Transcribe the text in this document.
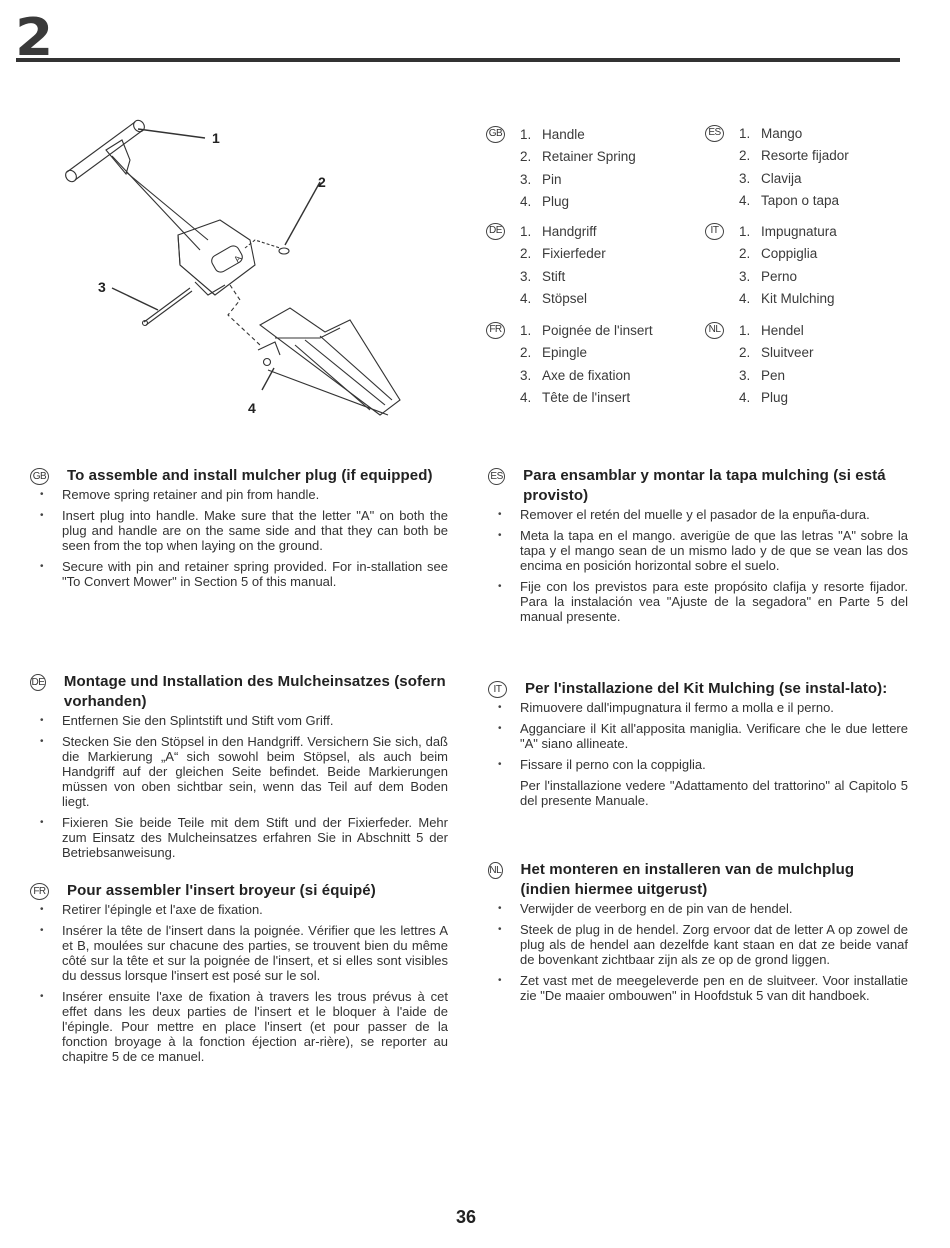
2
A
1
2
3
4
GB 1. Handle
2. Retainer Spring
3. Pin
4. Plug
ES 1. Mango
2. Resorte fijador
3. Clavija
4. Tapon o tapa
DE 1. Handgriff
2. Fixierfeder
3. Stift
4. Stöpsel
IT	1. Impugnatura
2. Coppiglia
3. Perno
4. Kit Mulching
FR 1. Poignée de l'insert
2. Epingle
3. Axe de fixation
4. Tête de l'insert
NL 1. Hendel
2. Sluitveer
3. Pen
4. Plug
GB To assemble and install mulcher plug (if equipped)
• Remove spring retainer and pin from handle.
• Insert plug into handle. Make sure that the letter "A" on both the plug and handle are on the same side and that they can both be seen from the top when laying on the ground.
• Secure with pin and retainer spring provided. For in-stallation see "To Convert Mower" in Section 5 of this manual.
DE Montage und Installation des Mulcheinsatzes (sofern vorhanden)
• Entfernen Sie den Splintstift und Stift vom Griff.
• Stecken Sie den Stöpsel in den Handgriff. Versichern Sie sich, daß die Markierung „A“ sich sowohl beim Stöpsel, als auch beim Handgriff auf der gleichen Seite befindet. Beide Markierungen müssen von oben sichtbar sein, wenn das Teil auf dem Boden liegt.
• Fixieren Sie beide Teile mit dem Stift und der Fixierfeder. Mehr zum Einsatz des Mulcheinsatzes erfahren Sie in Abschnitt 5 der Betriebsanweisung.
FR Pour assembler l'insert broyeur (si équipé)
• Retirer l'épingle et l'axe de fixation.
• Insérer la tête de l'insert dans la poignée. Vérifier que les lettres A et B, moulées sur chacune des parties, se trouvent bien du même côté sur la tête et sur la poignée de l'insert, et si elles sont visibles du dessus lorsque l'insert est posé sur le sol.
• Insérer ensuite l'axe de fixation à travers les trous prévus à cet effet dans les deux parties de l'insert et le bloquer à l'aide de l'épingle. Pour mettre en place l'insert (et pour passer de la fonction broyage à la fonction éjection ar-rière), se reporter au chapitre 5 de ce manuel.
ES Para ensamblar y montar la tapa mulching (si está provisto)
• Remover el retén del muelle y el pasador de la enpuña-dura.
• Meta la tapa en el mango. averigüe de que las letras "A" sobre la tapa y el mango sean de un mismo lado y de que se vean las dos encima en posición horizontal sobre el suelo.
• Fije con los previstos para este propósito clafija y resorte fijador. Para la instalación vea "Ajuste de la segadora" en Parte 5 del manual presente.
IT	Per l'installazione del Kit Mulching (se instal-lato):
• Rimuovere dall'impugnatura il fermo a molla e il perno.
• Agganciare il Kit all'apposita maniglia. Verificare che le due lettere "A" siano allineate.
• Fissare il perno con la coppiglia.
Per l'installazione vedere "Adattamento del trattorino" al Capitolo 5 del presente Manuale.
NL Het monteren en installeren van de mulchplug (indien hiermee uitgerust)
• Verwijder de veerborg en de pin van de hendel.
• Steek de plug in de hendel. Zorg ervoor dat de letter A op zowel de plug als de hendel aan dezelfde kant staan en dat ze beide vanaf de bovenkant zichtbaar zijn als ze op de grond liggen.
• Zet vast met de meegeleverde pen en de sluitveer. Voor installatie zie "De maaier ombouwen" in Hoofdstuk 5 van dit handboek.
36
